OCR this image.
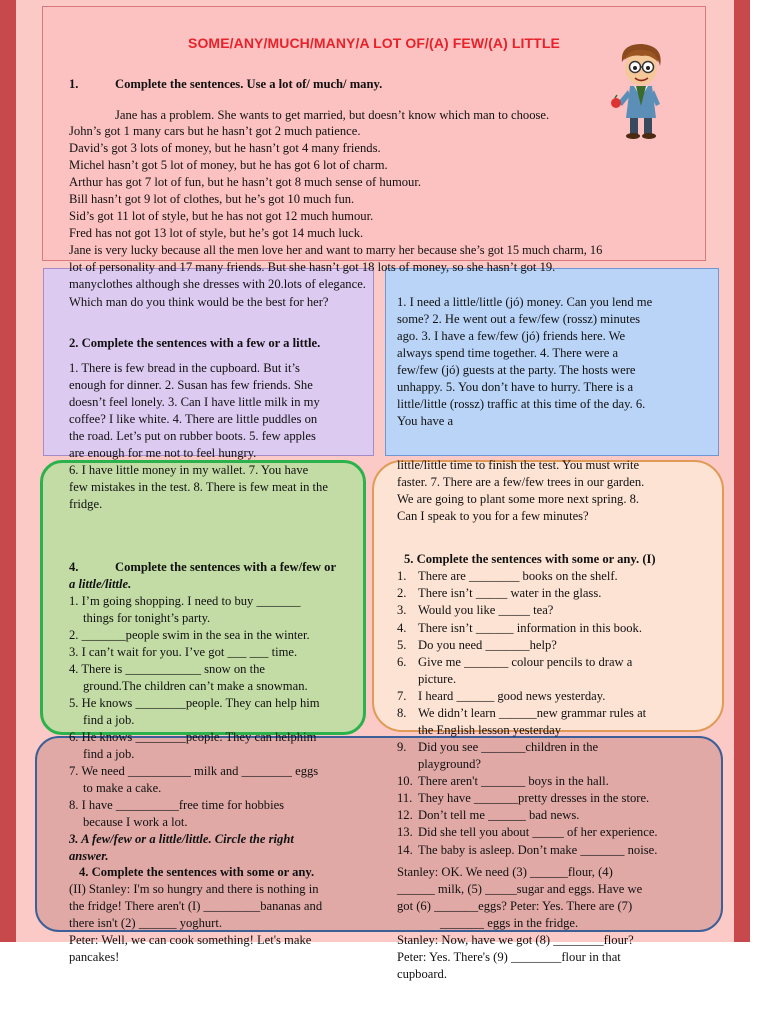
SOME/ANY/MUCH/MANY/A LOT OF/(A) FEW/(A) LITTLE
1.	Complete the sentences. Use a lot of/ much/ many.
Jane has a problem. She wants to get married, but doesn’t know which man to choose.
John’s got 1 many cars but he hasn’t got 2 much patience.
David’s got 3 lots of money, but he hasn’t got 4 many friends.
Michel hasn’t got 5 lot of money, but he has got 6 lot of charm.
Arthur has got 7 lot of fun, but he hasn’t got 8 much sense of humour.
Bill hasn’t got 9 lot of clothes, but he’s got 10 much fun.
Sid’s got 11 lot of style, but he has not got 12 much humour.
Fred has not got 13 lot of style, but he’s got 14 much luck.
Jane is very lucky because all the men love her and want to marry her because she’s got 15 much charm, 16
lot of personality and 17 many friends. But she hasn’t got 18 lots of money, so she hasn’t got 19.
manyclothes although she dresses with 20.lots of elegance.
Which man do you think would be the best for her?
2. Complete the sentences with a few or a little.
1. There is few bread in the cupboard. But it’s
enough for dinner. 2. Susan has few friends. She
doesn’t feel lonely. 3. Can I have little milk in my
coffee? I like white. 4. There are little puddles on
the road. Let’s put on rubber boots. 5. few apples
1. I need a little/little (jó) money. Can you lend me
some? 2. He went out a few/few (rossz) minutes
ago. 3. I have a few/few (jó) friends here. We
always spend time together. 4. There were a
few/few (jó) guests at the party. The hosts were
unhappy. 5. You don’t have to hurry. There is a
little/little (rossz) traffic at this time of the day. 6.
You have a
are enough for me not to feel hungry.
6. I have little money in my wallet. 7. You have
few mistakes in the test. 8. There is few meat in the
fridge.
little/little time to finish the test. You must write
faster. 7. There are a few/few trees in our garden.
We are going to plant some more next spring. 8.
Can I speak to you for a few minutes?
4.	Complete the sentences with a few/few or
a little/little.
1. I’m going shopping. I need to buy _______
things for tonight’s party.
2. _______people swim in the sea in the winter.
3. I can’t wait for you. I’ve got ___ ___ time.
4. There is ____________ snow on the
ground.The children can’t make a snowman.
5. He knows ________people. They can help him
find a job.
5. Complete the sentences with some or any. (I)
1. There are ________ books on the shelf.
2. There isn’t _____ water in the glass.
3. Would you like _____ tea?
4. There isn’t ______ information in this book.
5. Do you need _______help?
6. Give me _______ colour pencils to draw a
picture.
7. I heard ______ good news yesterday.
8. We didn’t learn ______new grammar rules at
the English lesson yesterday
6. He knows ________people. They can helphim
find a job.
7. We need __________ milk and ________ eggs
to make a cake.
8. I have __________free time for hobbies
because I work a lot.
3. A few/few or a little/little. Circle the right
answer.
9. Did you see _______children in the
playground?
10. There aren't _______ boys in the hall.
11. They have _______pretty dresses in the store.
12. Don’t tell me ______ bad news.
13. Did she tell you about _____ of her experience.
14. The baby is asleep. Don’t make _______ noise.
4. Complete the sentences with some or any.
(II) Stanley: I'm so hungry and there is nothing in
the fridge! There aren't (I) _________bananas and
there isn't (2) ______ yoghurt.
Peter: Well, we can cook something! Let's make
pancakes!
Stanley: OK. We need (3) ______flour, (4)
______ milk, (5) _____sugar and eggs. Have we
got (6) _______eggs? Peter: Yes. There are (7)
_______ eggs in the fridge.
Stanley: Now, have we got (8) ________flour?
Peter: Yes. There's (9) ________flour in that
cupboard.
